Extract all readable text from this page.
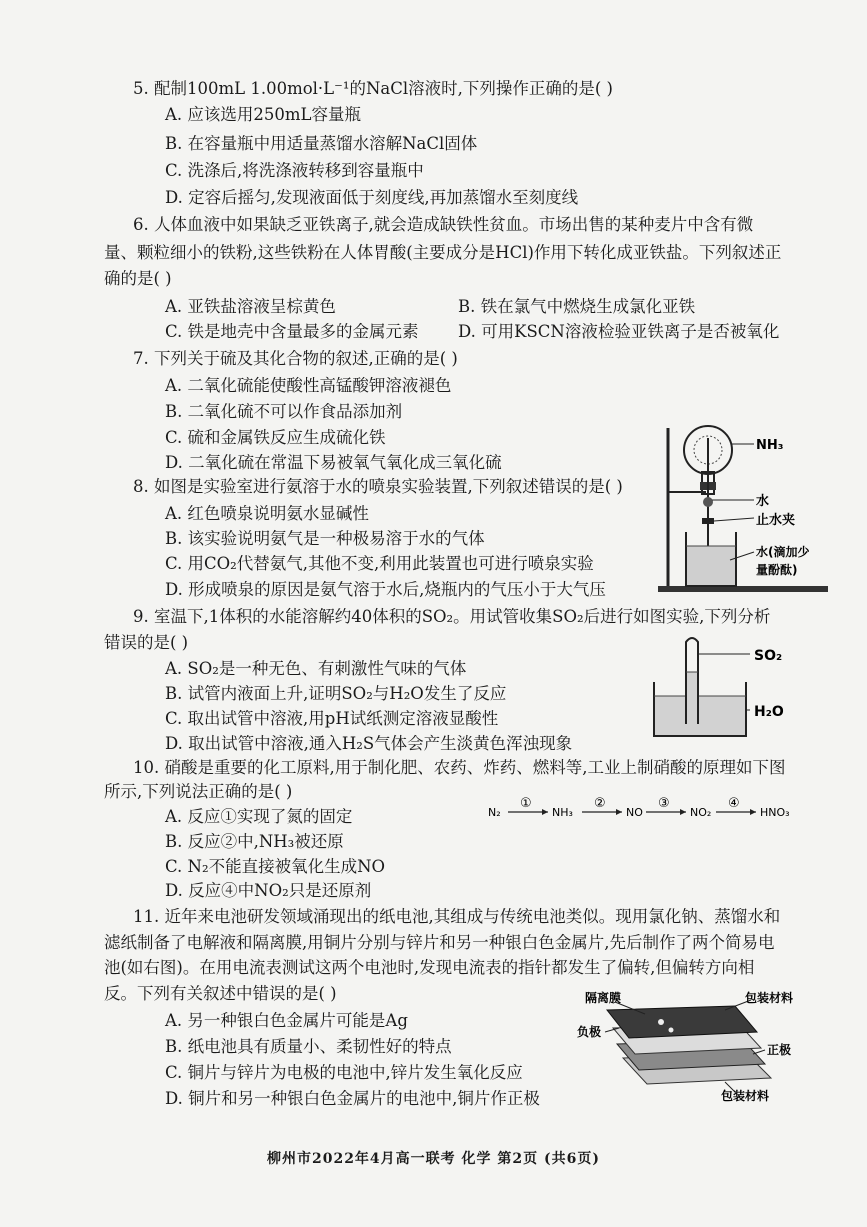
5. 配制100mL 1.00mol·L⁻¹的NaCl溶液时,下列操作正确的是( )
A. 应该选用250mL容量瓶
B. 在容量瓶中用适量蒸馏水溶解NaCl固体
C. 洗涤后,将洗涤液转移到容量瓶中
D. 定容后摇匀,发现液面低于刻度线,再加蒸馏水至刻度线
6. 人体血液中如果缺乏亚铁离子,就会造成缺铁性贫血。市场出售的某种麦片中含有微
量、颗粒细小的铁粉,这些铁粉在人体胃酸(主要成分是HCl)作用下转化成亚铁盐。下列叙述正
确的是( )
A. 亚铁盐溶液呈棕黄色	B. 铁在氯气中燃烧生成氯化亚铁
C. 铁是地壳中含量最多的金属元素 D. 可用KSCN溶液检验亚铁离子是否被氧化
7. 下列关于硫及其化合物的叙述,正确的是( )
A. 二氧化硫能使酸性高锰酸钾溶液褪色
B. 二氧化硫不可以作食品添加剂
C. 硫和金属铁反应生成硫化铁
D. 二氧化硫在常温下易被氧气氧化成三氧化硫
8. 如图是实验室进行氨溶于水的喷泉实验装置,下列叙述错误的是( )
A. 红色喷泉说明氨水显碱性
B. 该实验说明氨气是一种极易溶于水的气体
C. 用CO₂代替氨气,其他不变,利用此装置也可进行喷泉实验
D. 形成喷泉的原因是氨气溶于水后,烧瓶内的气压小于大气压
NH₃
水
止水夹
水(滴加少
量酚酞)
9. 室温下,1体积的水能溶解约40体积的SO₂。用试管收集SO₂后进行如图实验,下列分析
错误的是( )
A. SO₂是一种无色、有刺激性气味的气体
B. 试管内液面上升,证明SO₂与H₂O发生了反应
C. 取出试管中溶液,用pH试纸测定溶液显酸性
D. 取出试管中溶液,通入H₂S气体会产生淡黄色浑浊现象
SO₂
H₂O
10. 硝酸是重要的化工原料,用于制化肥、农药、炸药、燃料等,工业上制硝酸的原理如下图
所示,下列说法正确的是( )
A. 反应①实现了氮的固定
B. 反应②中,NH₃被还原
C. N₂不能直接被氧化生成NO
D. 反应④中NO₂只是还原剂
N₂
①
NH₃
②
NO
③
NO₂
④
HNO₃
11. 近年来电池研发领域涌现出的纸电池,其组成与传统电池类似。现用氯化钠、蒸馏水和
滤纸制备了电解液和隔离膜,用铜片分别与锌片和另一种银白色金属片,先后制作了两个简易电
池(如右图)。在用电流表测试这两个电池时,发现电流表的指针都发生了偏转,但偏转方向相
反。下列有关叙述中错误的是( )
A. 另一种银白色金属片可能是Ag
B. 纸电池具有质量小、柔韧性好的特点
C. 铜片与锌片为电极的电池中,锌片发生氧化反应
D. 铜片和另一种银白色金属片的电池中,铜片作正极
隔离膜	包装材料
负极
正极
包装材料
柳州市2022年4月高一联考 化学 第2页 (共6页)
